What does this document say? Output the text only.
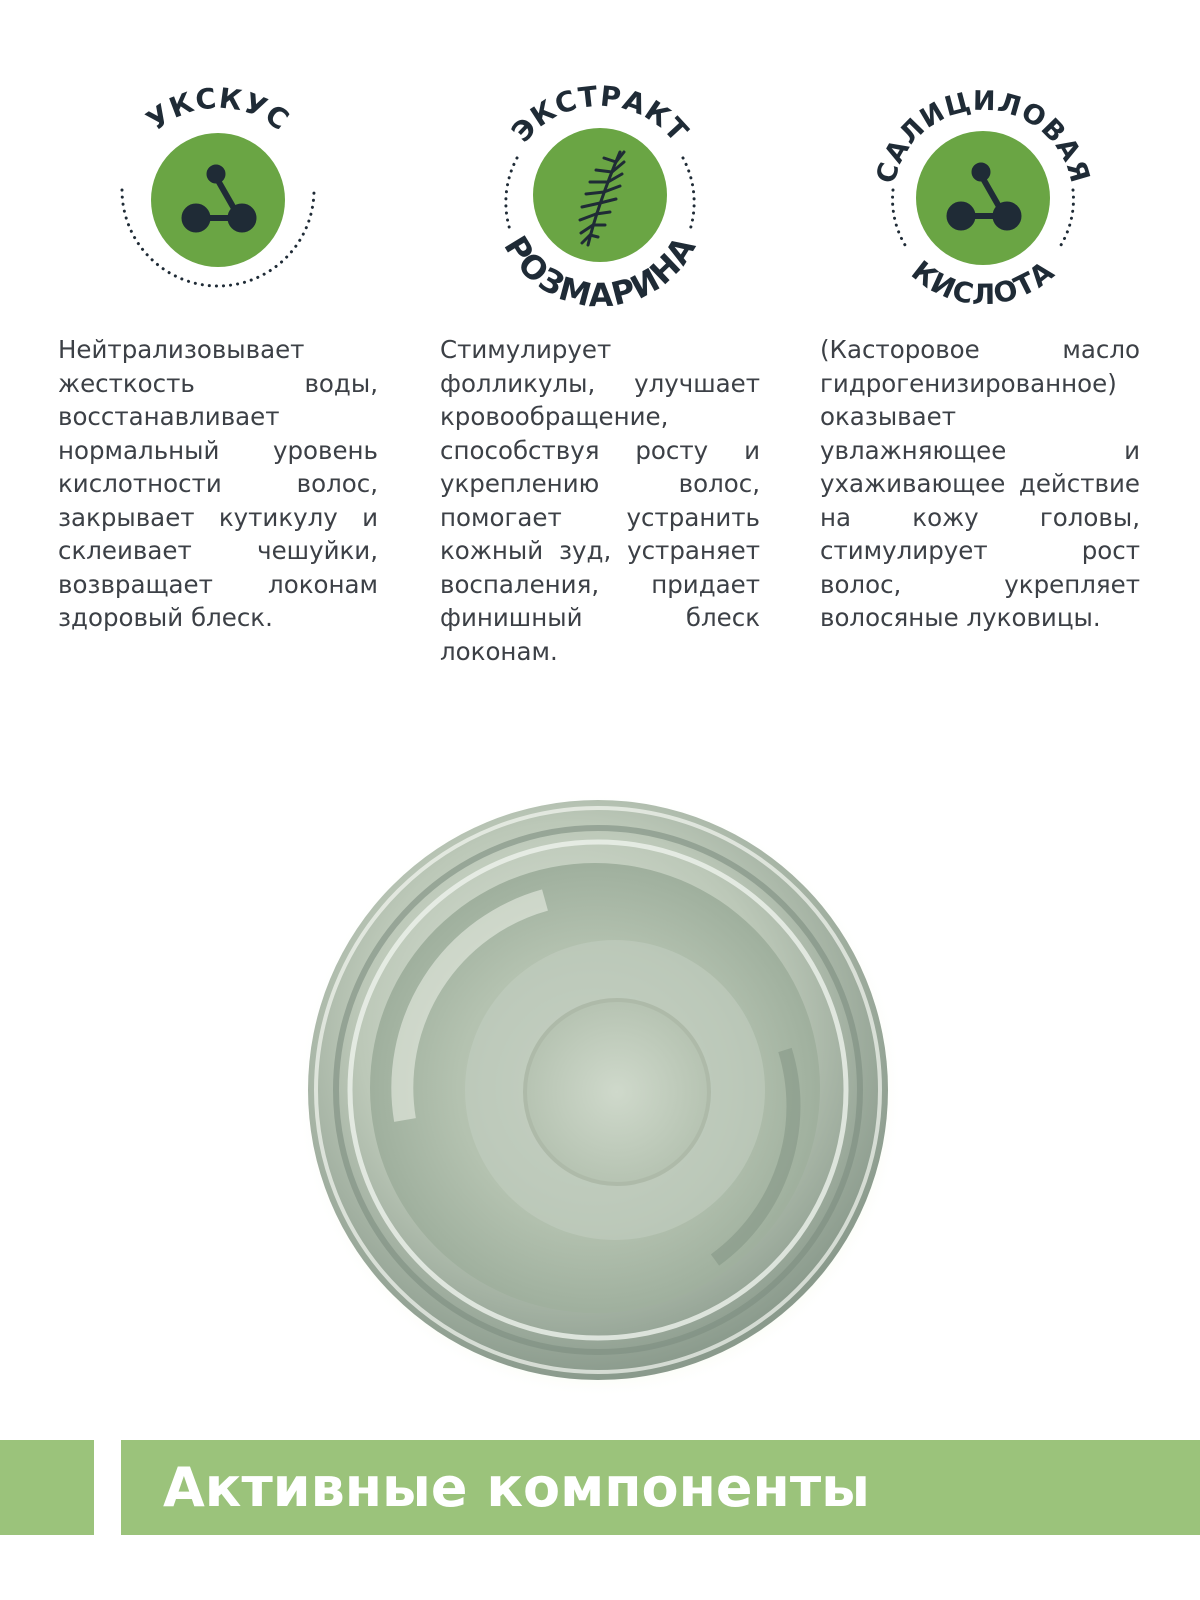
УКСКУС	ЭКСТРАКТ
РОЗМАРИНА
САЛИЦИЛОВАЯ
КИСЛОТА

Нейтрализовывает жесткость воды, восстанавливает нормальный уровень кислотности волос, закрывает кутикулу и склеивает чешуйки, возвращает локонам здоровый блеск.

Стимулирует фолликулы, улучшает кровообращение, способствуя росту и укреплению волос, помогает устранить кожный зуд, устраняет воспаления, придает финишный блеск локонам.

(Касторовое масло гидрогенизированное) оказывает увлажняющее и ухаживающее действие на кожу головы, стимулирует рост волос, укрепляет волосяные луковицы.

Активные компоненты
